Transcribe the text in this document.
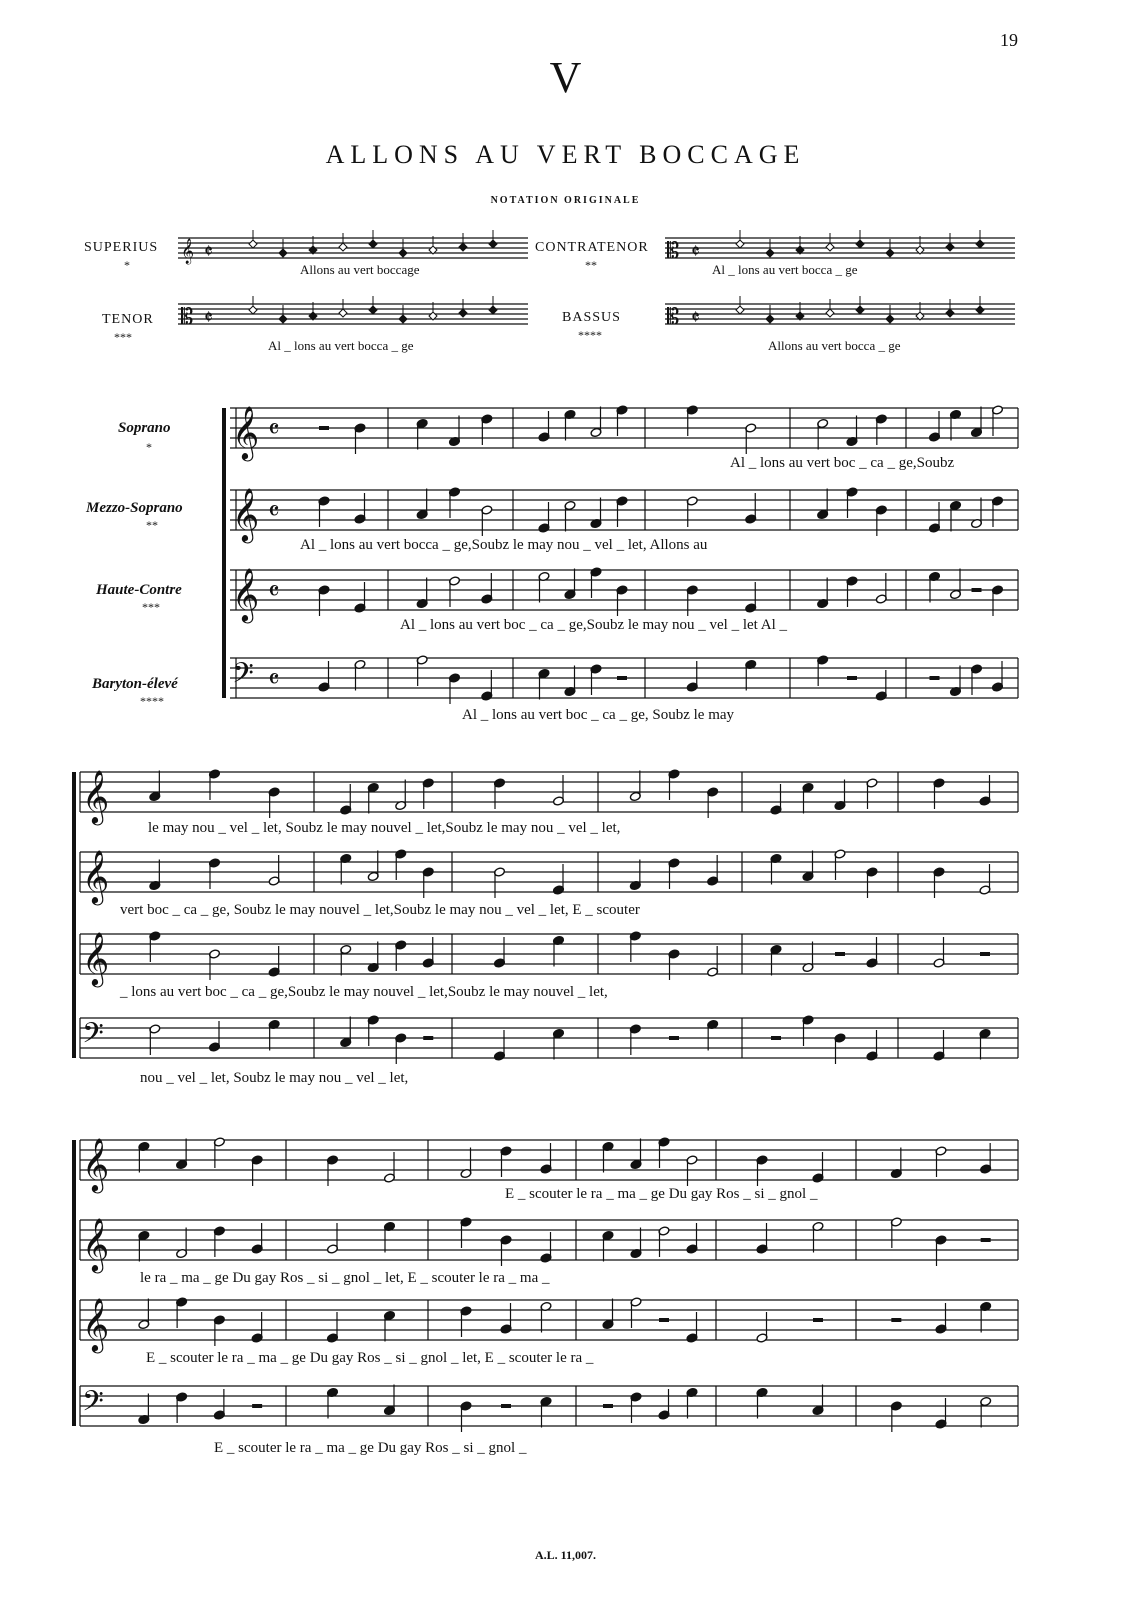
19
V
ALLONS AU VERT BOCCAGE
NOTATION ORIGINALE
SUPERIUS
*	Allons au vert boccage
CONTRATENOR
**	Al _ lons au vert bocca _ ge
TENOR
***
Al _ lons au vert bocca _ ge
BASSUS
****
Allons au vert bocca _ ge
Soprano
*
Mezzo-Soprano
**
Haute-Contre
***
Baryton-élevé
****
Al _ lons au vert boc _ ca _ ge,Soubz
Al _ lons au vert bocca _ ge,Soubz le may nou _ vel _ let, Allons au
Al _ lons au vert boc _ ca _ ge,Soubz le may nou _ vel _ let Al _
Al _ lons au vert boc _ ca _ ge, Soubz le may
le may nou _ vel _ let, Soubz le may nouvel _ let,Soubz le may nou _ vel _ let,
vert boc _ ca _ ge, Soubz le may nouvel _ let,Soubz le may nou _ vel _ let, E _ scouter
_ lons au vert boc _ ca _ ge,Soubz le may nouvel _ let,Soubz le may nouvel _ let,
nou _ vel _ let, Soubz le may nou _ vel _ let,
E _ scouter le ra _ ma _ ge Du gay Ros _ si _ gnol _
le ra _ ma _ ge Du gay Ros _ si _ gnol _ let, E _ scouter le ra _ ma _
E _ scouter le ra _ ma _ ge Du gay Ros _ si _ gnol _ let, E _ scouter le ra _
E _ scouter le ra _ ma _ ge Du gay Ros _ si _ gnol _
A.L. 11,007.
𝄞 𝄵	𝄡 𝄵
𝄡 𝄵	𝄡 𝄵
𝄞 𝄴
𝄞 𝄴
𝄞 𝄴
𝄢 𝄴
𝄞
𝄞
𝄞
𝄢
𝄞
𝄞
𝄞
𝄢
